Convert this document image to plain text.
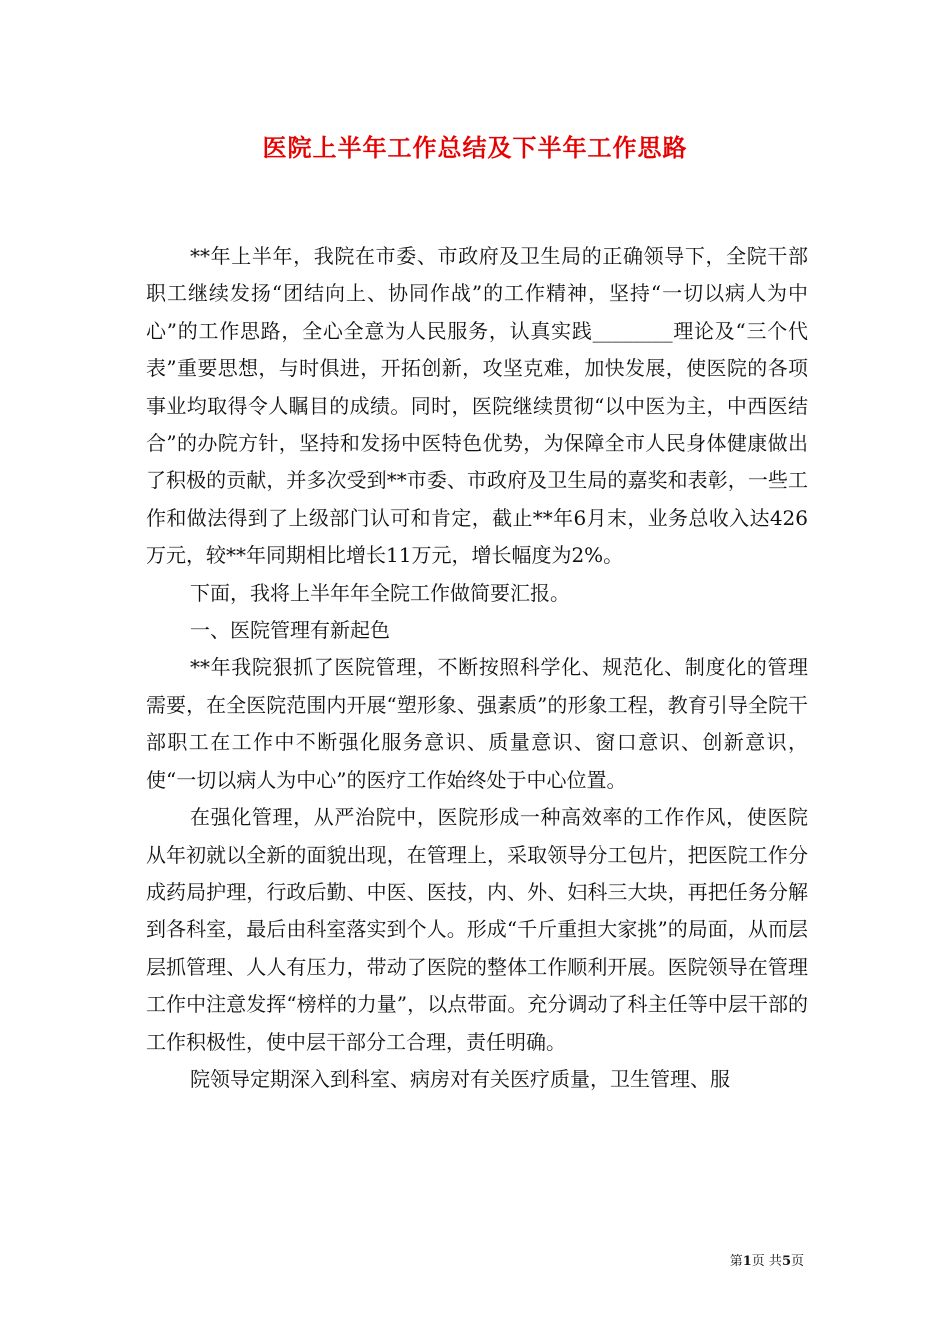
医院上半年工作总结及下半年工作思路

**年上半年，我院在市委、市政府及卫生局的正确领导下，全院干部职工继续发扬“团结向上、协同作战”的工作精神，坚持“一切以病人为中心”的工作思路，全心全意为人民服务，认真实践________理论及“三个代表”重要思想，与时俱进，开拓创新，攻坚克难，加快发展，使医院的各项事业均取得令人瞩目的成绩。同时，医院继续贯彻“以中医为主，中西医结合”的办院方针，坚持和发扬中医特色优势，为保障全市人民身体健康做出了积极的贡献，并多次受到**市委、市政府及卫生局的嘉奖和表彰，一些工作和做法得到了上级部门认可和肯定，截止**年6月末，业务总收入达426万元，较**年同期相比增长11万元，增长幅度为2%。

下面，我将上半年年全院工作做简要汇报。

一、医院管理有新起色

**年我院狠抓了医院管理，不断按照科学化、规范化、制度化的管理需要，在全医院范围内开展“塑形象、强素质”的形象工程，教育引导全院干部职工在工作中不断强化服务意识、质量意识、窗口意识、创新意识，使“一切以病人为中心”的医疗工作始终处于中心位置。

在强化管理，从严治院中，医院形成一种高效率的工作作风，使医院从年初就以全新的面貌出现，在管理上，采取领导分工包片，把医院工作分成药局护理，行政后勤、中医、医技，内、外、妇科三大块，再把任务分解到各科室，最后由科室落实到个人。形成“千斤重担大家挑”的局面，从而层层抓管理、人人有压力，带动了医院的整体工作顺利开展。医院领导在管理工作中注意发挥“榜样的力量”，以点带面。充分调动了科主任等中层干部的工作积极性，使中层干部分工合理，责任明确。

院领导定期深入到科室、病房对有关医疗质量，卫生管理、服

第1页 共5页
